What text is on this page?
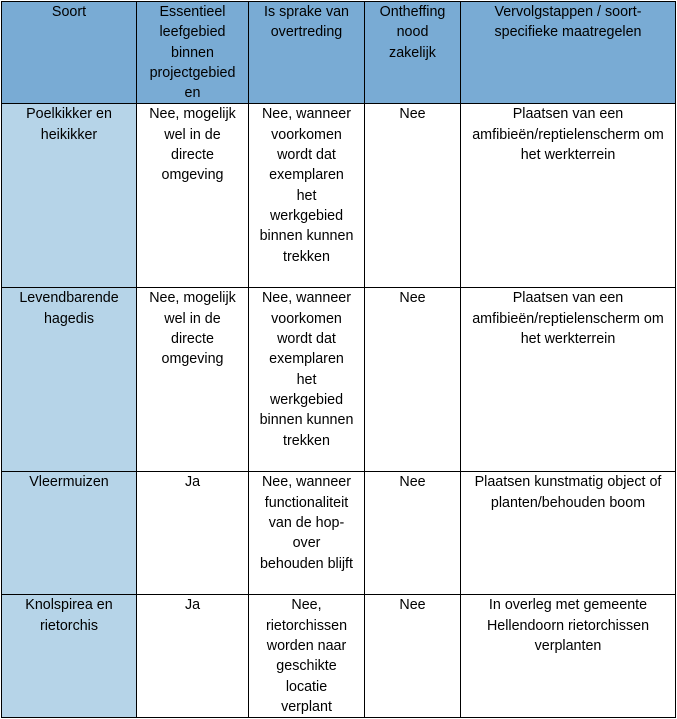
Soort	Essentieel leefgebied binnen projectgebied en	Is sprake van overtreding	Ontheffing nood zakelijk	Vervolgstappen / soort-specifieke maatregelen
Poelkikker en heikikker	Nee, mogelijk wel in de directe omgeving	Nee, wanneer voorkomen wordt dat exemplaren het werkgebied binnen kunnen trekken	Nee	Plaatsen van een amfibieën/reptielenscherm om het werkterrein
Levendbarende hagedis	Nee, mogelijk wel in de directe omgeving	Nee, wanneer voorkomen wordt dat exemplaren het werkgebied binnen kunnen trekken	Nee	Plaatsen van een amfibieën/reptielenscherm om het werkterrein
Vleermuizen	Ja	Nee, wanneer functionaliteit van de hop-over behouden blijft	Nee	Plaatsen kunstmatig object of planten/behouden boom
Knolspirea en rietorchis	Ja	Nee, rietorchissen worden naar geschikte locatie verplant	Nee	In overleg met gemeente Hellendoorn rietorchissen verplanten
